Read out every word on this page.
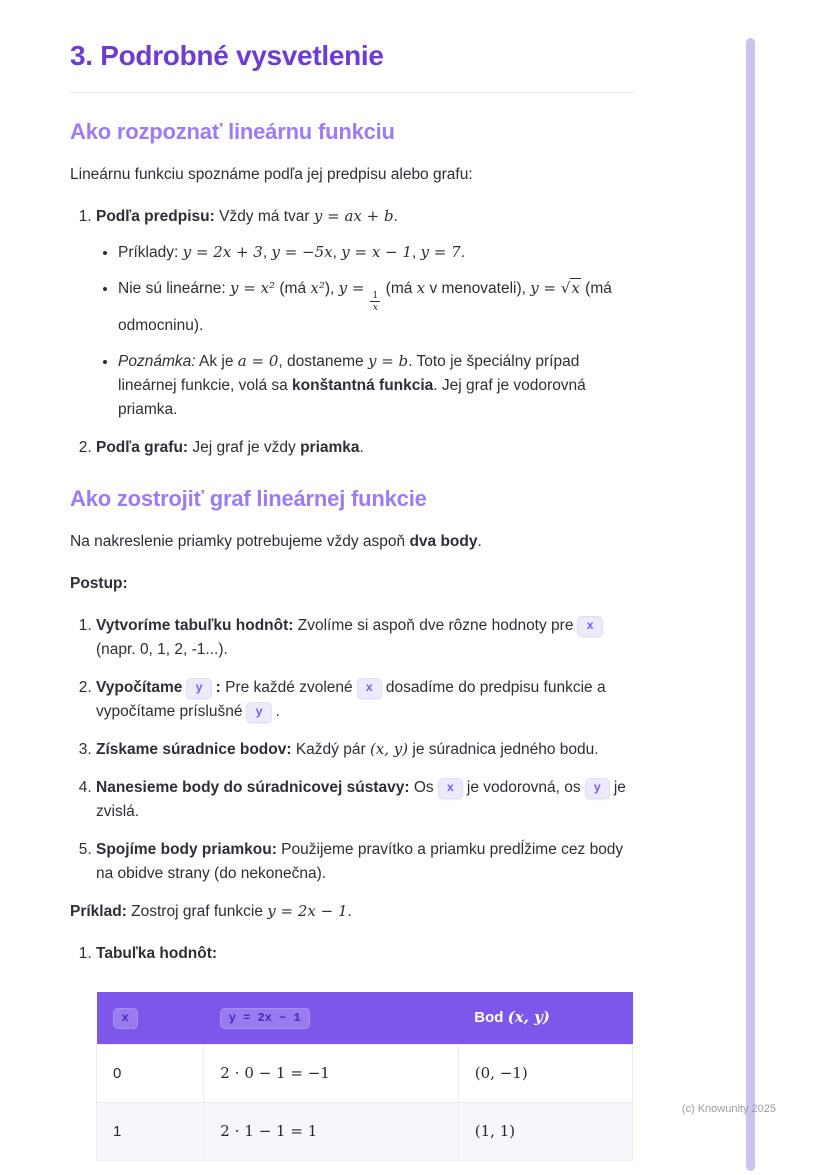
3. Podrobné vysvetlenie
Ako rozpoznať lineárnu funkciu

Lineárnu funkciu spoznáme podľa jej predpisu alebo grafu:

1. Podľa predpisu: Vždy má tvar y = ax + b.
• Príklady: y = 2x + 3, y = −5x, y = x − 1, y = 7.
• Nie sú lineárne: y = x² (má x²), y =
$\frac{1}{x}$
(má x v menovateli), y = √x (má odmocninu).
• Poznámka: Ak je a = 0, dostaneme y = b. Toto je špeciálny prípad lineárnej funkcie, volá sa konštantná funkcia. Jej graf je vodorovná priamka.
2. Podľa grafu: Jej graf je vždy priamka.
Ako zostrojiť graf lineárnej funkcie

Na nakreslenie priamky potrebujeme vždy aspoň dva body.

Postup:

1. Vytvoríme tabuľku hodnôt: Zvolíme si aspoň dve rôzne hodnoty pre x(napr. 0, 1, 2, -1...).
2. Vypočítame y : Pre každé zvolené x dosadíme do predpisu funkcie a vypočítame príslušné y .
3. Získame súradnice bodov: Každý pár (x, y) je súradnica jedného bodu.
4. Nanesieme body do súradnicovej sústavy: Os x je vodorovná, os y je zvislá.
5. Spojíme body priamkou: Použijeme pravítko a priamku predĺžime cez body na obidve strany (do nekonečna).

Príklad: Zostroj graf funkcie y = 2x − 1.

1. Tabuľka hodnôt:
x	y = 2x − 1	Bod (x, y)
0	2 ⋅ 0 − 1 = −1	(0, −1)
1	2 ⋅ 1 − 1 = 1	(1, 1)
(c) Knowunity 2025
